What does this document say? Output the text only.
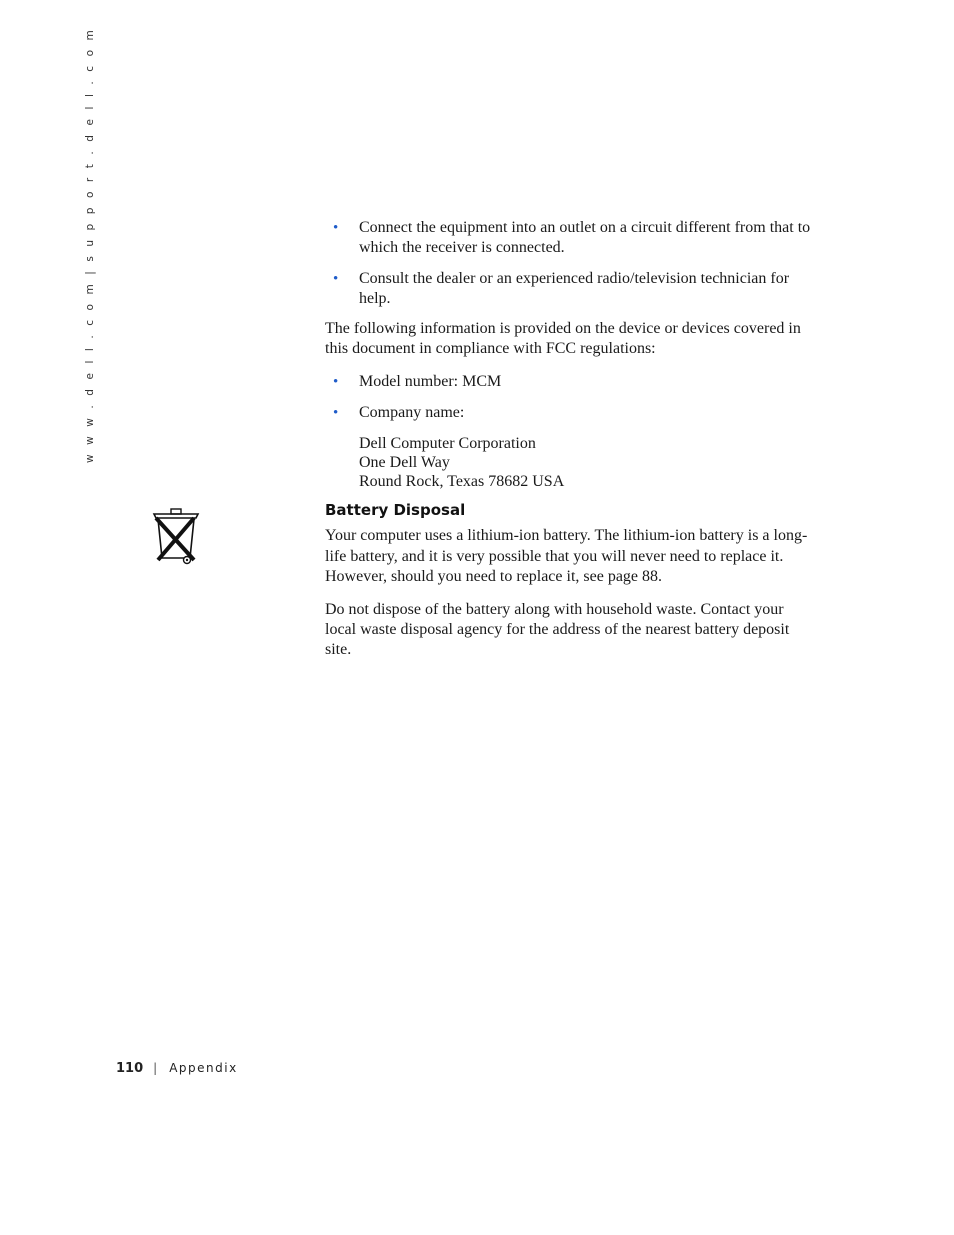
w w w . d e l l . c o m | s u p p o r t . d e l l . c o m	• Connect the equipment into an outlet on a circuit different from that to which the receiver is connected.
• Consult the dealer or an experienced radio/television technician for help.

The following information is provided on the device or devices covered in this document in compliance with FCC regulations:

• Model number: MCM
• Company name:
Dell Computer Corporation
One Dell Way
Round Rock, Texas 78682 USA
Battery Disposal

Your computer uses a lithium-ion battery. The lithium-ion battery is a long-life battery, and it is very possible that you will never need to replace it. However, should you need to replace it, see page 88.

Do not dispose of the battery along with household waste. Contact your local waste disposal agency for the address of the nearest battery deposit site.

110 | Appendix
